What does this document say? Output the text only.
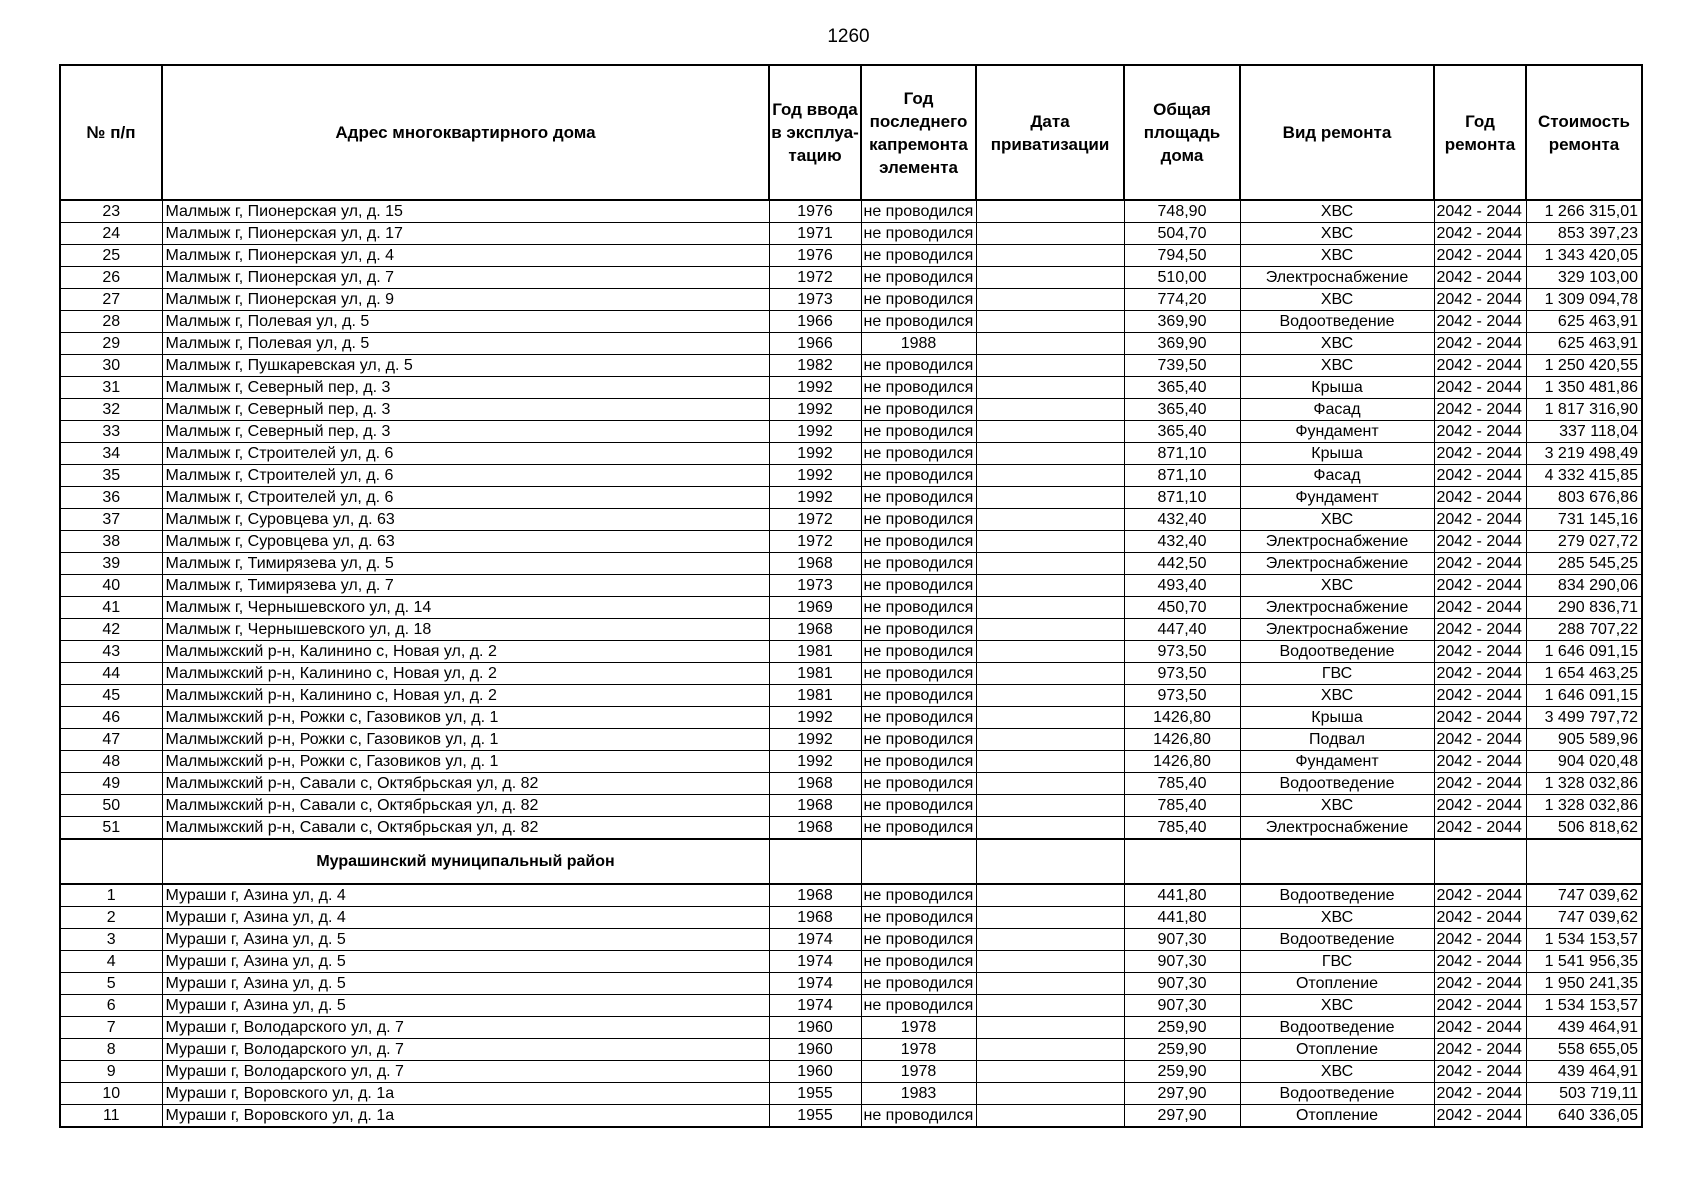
1260
№ п/п	Адрес многоквартирного дома	Год ввода в эксплуа-тацию	Год последнего капремонта элемента	Дата приватизации	Общая площадь дома	Вид ремонта	Год ремонта	Стоимость ремонта
23	Малмыж г, Пионерская ул, д. 15	1976	не проводился		748,90	ХВС	2042 - 2044	1 266 315,01
24	Малмыж г, Пионерская ул, д. 17	1971	не проводился		504,70	ХВС	2042 - 2044	853 397,23
25	Малмыж г, Пионерская ул, д. 4	1976	не проводился		794,50	ХВС	2042 - 2044	1 343 420,05
26	Малмыж г, Пионерская ул, д. 7	1972	не проводился		510,00	Электроснабжение	2042 - 2044	329 103,00
27	Малмыж г, Пионерская ул, д. 9	1973	не проводился		774,20	ХВС	2042 - 2044	1 309 094,78
28	Малмыж г, Полевая ул, д. 5	1966	не проводился		369,90	Водоотведение	2042 - 2044	625 463,91
29	Малмыж г, Полевая ул, д. 5	1966	1988		369,90	ХВС	2042 - 2044	625 463,91
30	Малмыж г, Пушкаревская ул, д. 5	1982	не проводился		739,50	ХВС	2042 - 2044	1 250 420,55
31	Малмыж г, Северный пер, д. 3	1992	не проводился		365,40	Крыша	2042 - 2044	1 350 481,86
32	Малмыж г, Северный пер, д. 3	1992	не проводился		365,40	Фасад	2042 - 2044	1 817 316,90
33	Малмыж г, Северный пер, д. 3	1992	не проводился		365,40	Фундамент	2042 - 2044	337 118,04
34	Малмыж г, Строителей ул, д. 6	1992	не проводился		871,10	Крыша	2042 - 2044	3 219 498,49
35	Малмыж г, Строителей ул, д. 6	1992	не проводился		871,10	Фасад	2042 - 2044	4 332 415,85
36	Малмыж г, Строителей ул, д. 6	1992	не проводился		871,10	Фундамент	2042 - 2044	803 676,86
37	Малмыж г, Суровцева ул, д. 63	1972	не проводился		432,40	ХВС	2042 - 2044	731 145,16
38	Малмыж г, Суровцева ул, д. 63	1972	не проводился		432,40	Электроснабжение	2042 - 2044	279 027,72
39	Малмыж г, Тимирязева ул, д. 5	1968	не проводился		442,50	Электроснабжение	2042 - 2044	285 545,25
40	Малмыж г, Тимирязева ул, д. 7	1973	не проводился		493,40	ХВС	2042 - 2044	834 290,06
41	Малмыж г, Чернышевского ул, д. 14	1969	не проводился		450,70	Электроснабжение	2042 - 2044	290 836,71
42	Малмыж г, Чернышевского ул, д. 18	1968	не проводился		447,40	Электроснабжение	2042 - 2044	288 707,22
43	Малмыжский р-н, Калинино с, Новая ул, д. 2	1981	не проводился		973,50	Водоотведение	2042 - 2044	1 646 091,15
44	Малмыжский р-н, Калинино с, Новая ул, д. 2	1981	не проводился		973,50	ГВС	2042 - 2044	1 654 463,25
45	Малмыжский р-н, Калинино с, Новая ул, д. 2	1981	не проводился		973,50	ХВС	2042 - 2044	1 646 091,15
46	Малмыжский р-н, Рожки с, Газовиков ул, д. 1	1992	не проводился		1426,80	Крыша	2042 - 2044	3 499 797,72
47	Малмыжский р-н, Рожки с, Газовиков ул, д. 1	1992	не проводился		1426,80	Подвал	2042 - 2044	905 589,96
48	Малмыжский р-н, Рожки с, Газовиков ул, д. 1	1992	не проводился		1426,80	Фундамент	2042 - 2044	904 020,48
49	Малмыжский р-н, Савали с, Октябрьская ул, д. 82	1968	не проводился		785,40	Водоотведение	2042 - 2044	1 328 032,86
50	Малмыжский р-н, Савали с, Октябрьская ул, д. 82	1968	не проводился		785,40	ХВС	2042 - 2044	1 328 032,86
51	Малмыжский р-н, Савали с, Октябрьская ул, д. 82	1968	не проводился		785,40	Электроснабжение	2042 - 2044	506 818,62
	Мурашинский муниципальный район							
1	Мураши г, Азина ул, д. 4	1968	не проводился		441,80	Водоотведение	2042 - 2044	747 039,62
2	Мураши г, Азина ул, д. 4	1968	не проводился		441,80	ХВС	2042 - 2044	747 039,62
3	Мураши г, Азина ул, д. 5	1974	не проводился		907,30	Водоотведение	2042 - 2044	1 534 153,57
4	Мураши г, Азина ул, д. 5	1974	не проводился		907,30	ГВС	2042 - 2044	1 541 956,35
5	Мураши г, Азина ул, д. 5	1974	не проводился		907,30	Отопление	2042 - 2044	1 950 241,35
6	Мураши г, Азина ул, д. 5	1974	не проводился		907,30	ХВС	2042 - 2044	1 534 153,57
7	Мураши г, Володарского ул, д. 7	1960	1978		259,90	Водоотведение	2042 - 2044	439 464,91
8	Мураши г, Володарского ул, д. 7	1960	1978		259,90	Отопление	2042 - 2044	558 655,05
9	Мураши г, Володарского ул, д. 7	1960	1978		259,90	ХВС	2042 - 2044	439 464,91
10	Мураши г, Воровского ул, д. 1а	1955	1983		297,90	Водоотведение	2042 - 2044	503 719,11
11	Мураши г, Воровского ул, д. 1а	1955	не проводился		297,90	Отопление	2042 - 2044	640 336,05
